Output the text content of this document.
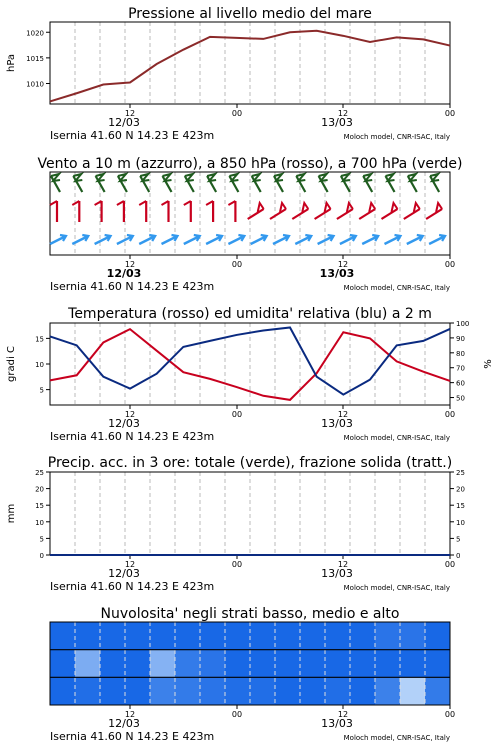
Pressione al livello medio del mare
12	00	12	00
1010
1015
1020
hPa
12/03	13/03
Isernia 41.60 N 14.23 E 423m	Moloch model, CNR-ISAC, Italy
Vento a 10 m (azzurro), a 850 hPa (rosso), a 700 hPa (verde)
12	00	12	00
12/03	13/03
Isernia 41.60 N 14.23 E 423m	Moloch model, CNR-ISAC, Italy
Temperatura (rosso) ed umidita' relativa (blu) a 2 m
12	00	12	00
5
10
15
50
60
70
80
90
100
gradi C	%
12/03	13/03
Isernia 41.60 N 14.23 E 423m	Moloch model, CNR-ISAC, Italy
Precip. acc. in 3 ore: totale (verde), frazione solida (tratt.)
12	00	12	00
0	0
5	5
10	10
15	15
20	20
25	25
mm
12/03	13/03
Isernia 41.60 N 14.23 E 423m	Moloch model, CNR-ISAC, Italy
Nuvolosita' negli strati basso, medio e alto
12	00	12	00
12/03	13/03
Isernia 41.60 N 14.23 E 423m	Moloch model, CNR-ISAC, Italy
